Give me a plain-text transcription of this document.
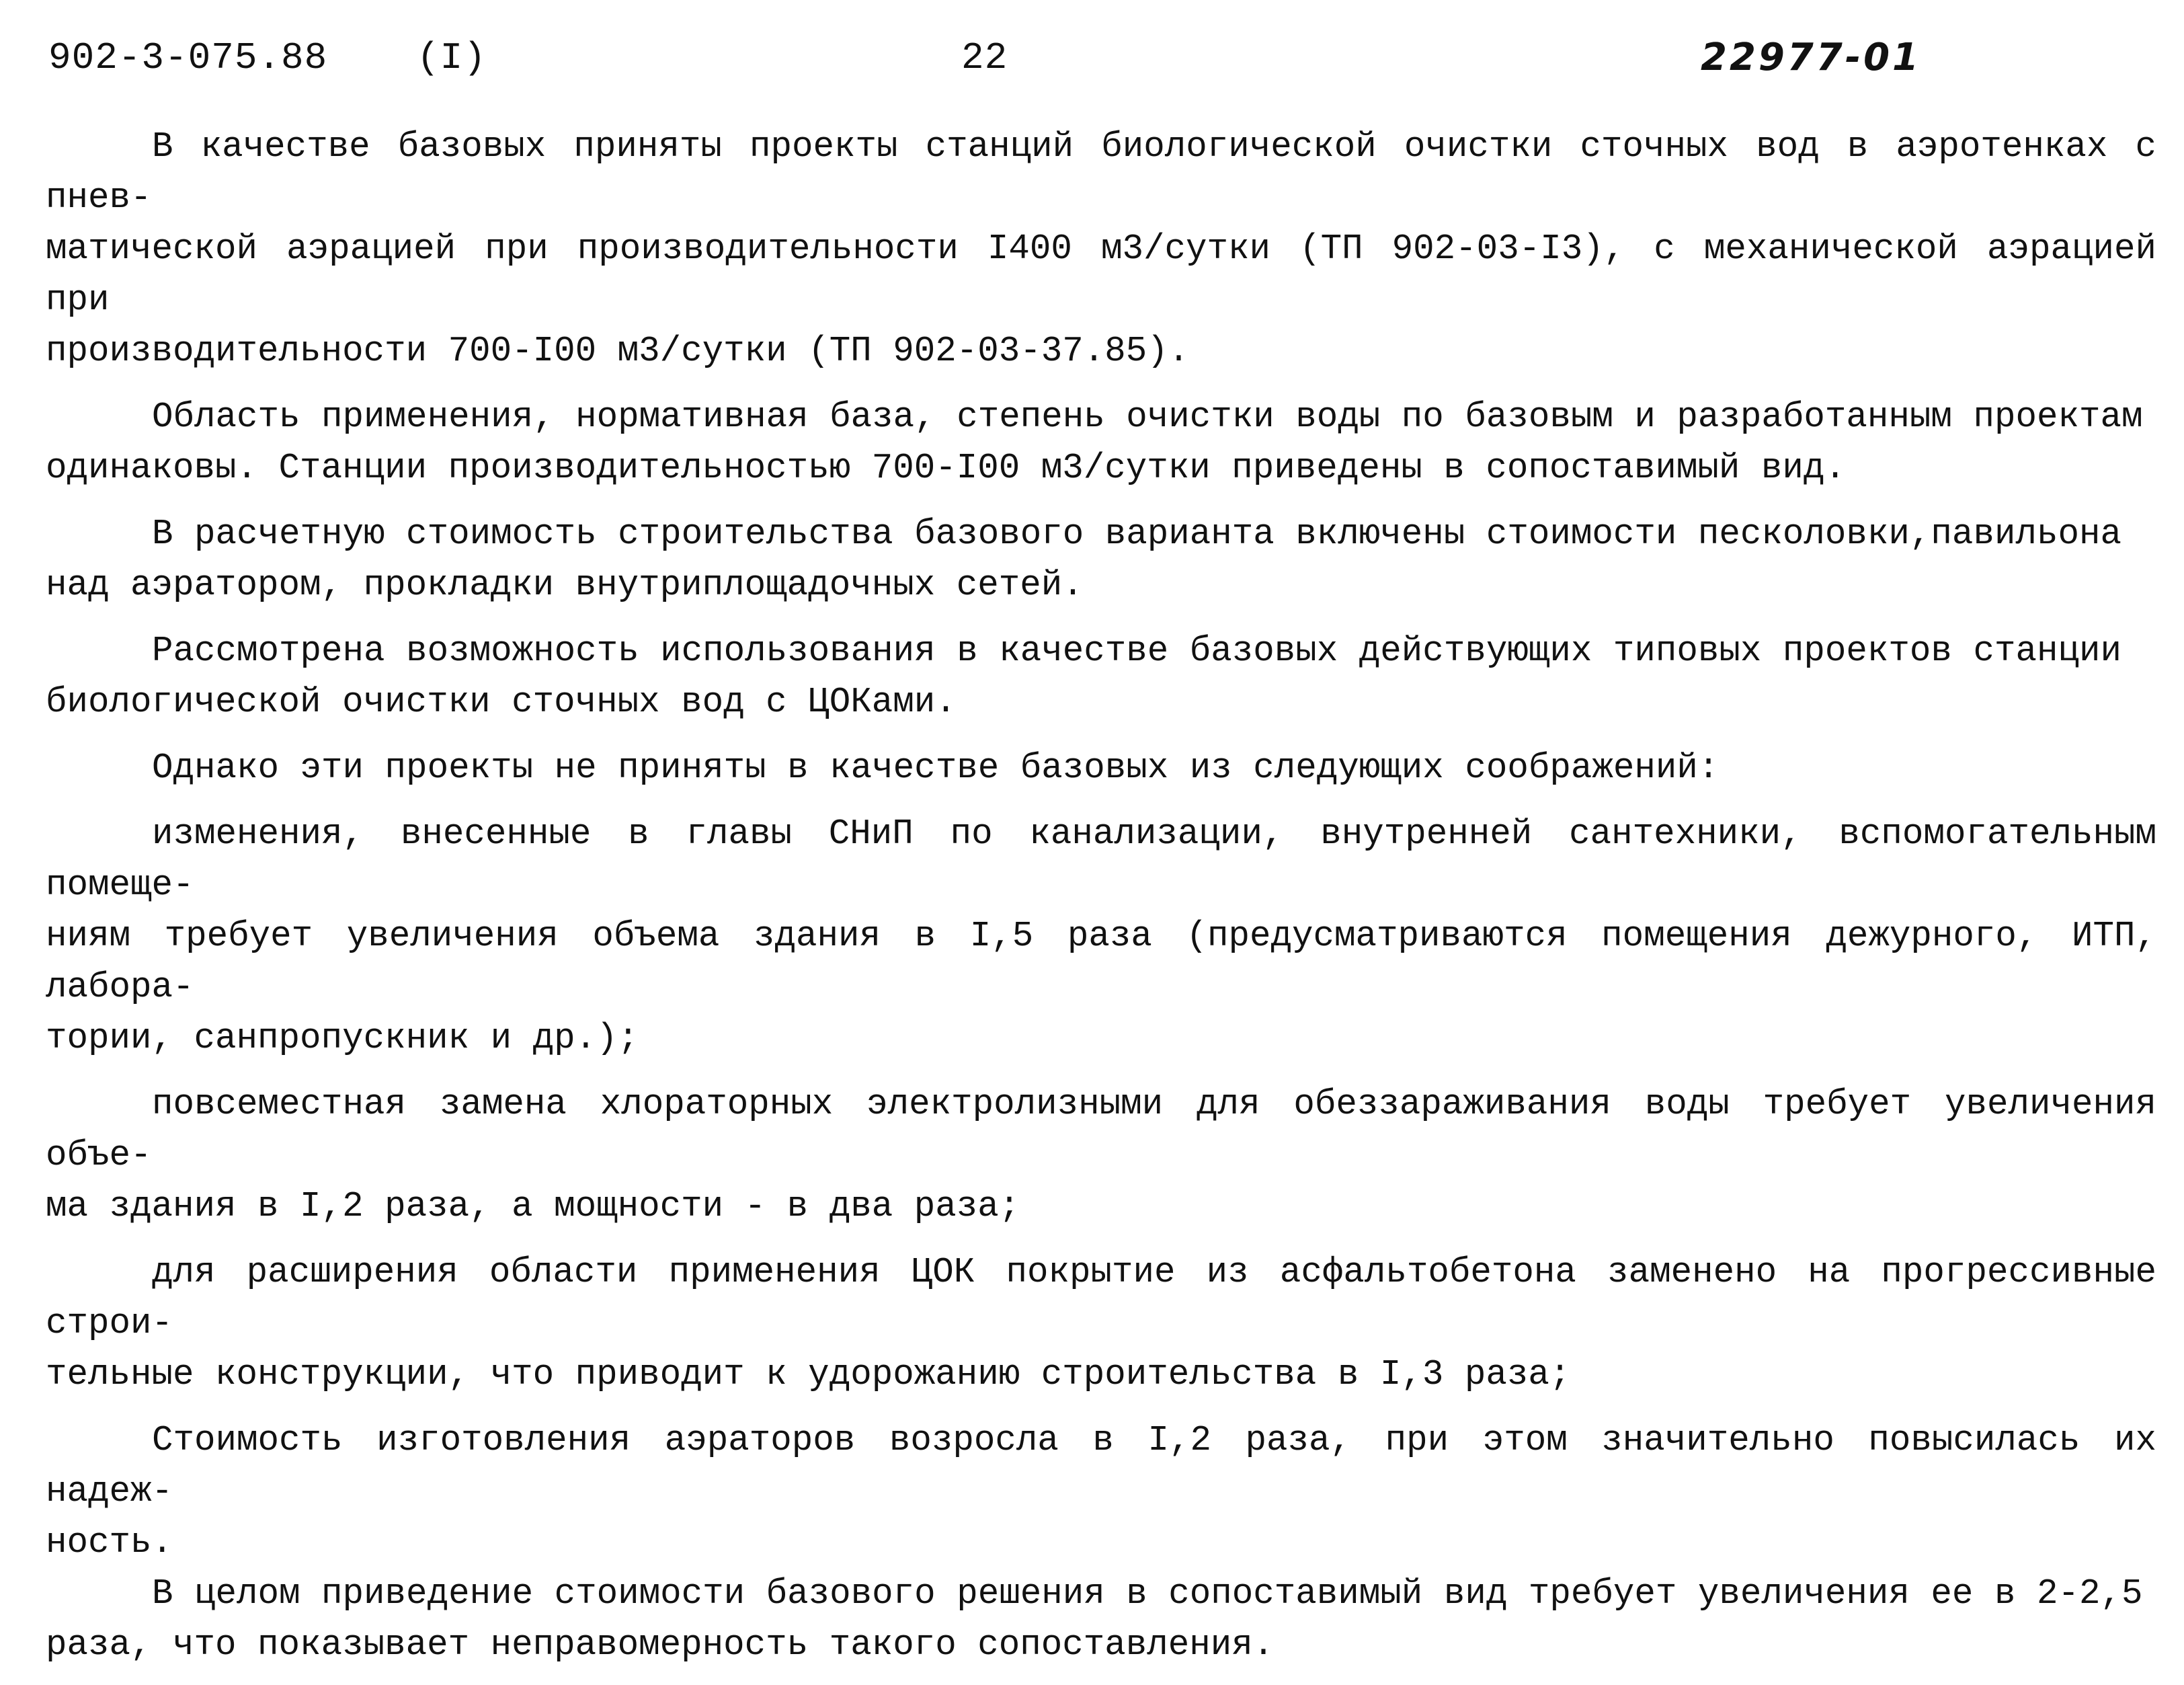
902-3-075.88 (I)	22	22977-01

В качестве базовых приняты проекты станций биологической очистки сточных вод в аэротенках с пнев-
матической аэрацией при производительности I400 м3/сутки (ТП 902-03-I3), с механической аэрацией при
производительности 700-I00 м3/сутки (ТП 902-03-37.85).

Область применения, нормативная база, степень очистки воды по базовым и разработанным проектам
одинаковы. Станции производительностью 700-I00 м3/сутки приведены в сопоставимый вид.

В расчетную стоимость строительства базового варианта включены стоимости песколовки,павильона
над аэратором, прокладки внутриплощадочных сетей.

Рассмотрена возможность использования в качестве базовых действующих типовых проектов станции
биологической очистки сточных вод с ЦОКами.

Однако эти проекты не приняты в качестве базовых из следующих соображений:

изменения, внесенные в главы СНиП по канализации, внутренней сантехники, вспомогательным помеще-
ниям требует увеличения объема здания в I,5 раза (предусматриваются помещения дежурного, ИТП, лабора-
тории, санпропускник и др.);

повсеместная замена хлораторных электролизными для обеззараживания воды требует увеличения объе-
ма здания в I,2 раза, а мощности - в два раза;

для расширения области применения ЦОК покрытие из асфальтобетона заменено на прогрессивные строи-
тельные конструкции, что приводит к удорожанию строительства в I,3 раза;

Стоимость изготовления аэраторов возросла в I,2 раза, при этом значительно повысилась их надеж-
ность.

В целом приведение стоимости базового решения в сопоставимый вид требует увеличения ее в 2-2,5
раза, что показывает неправомерность такого сопоставления.
